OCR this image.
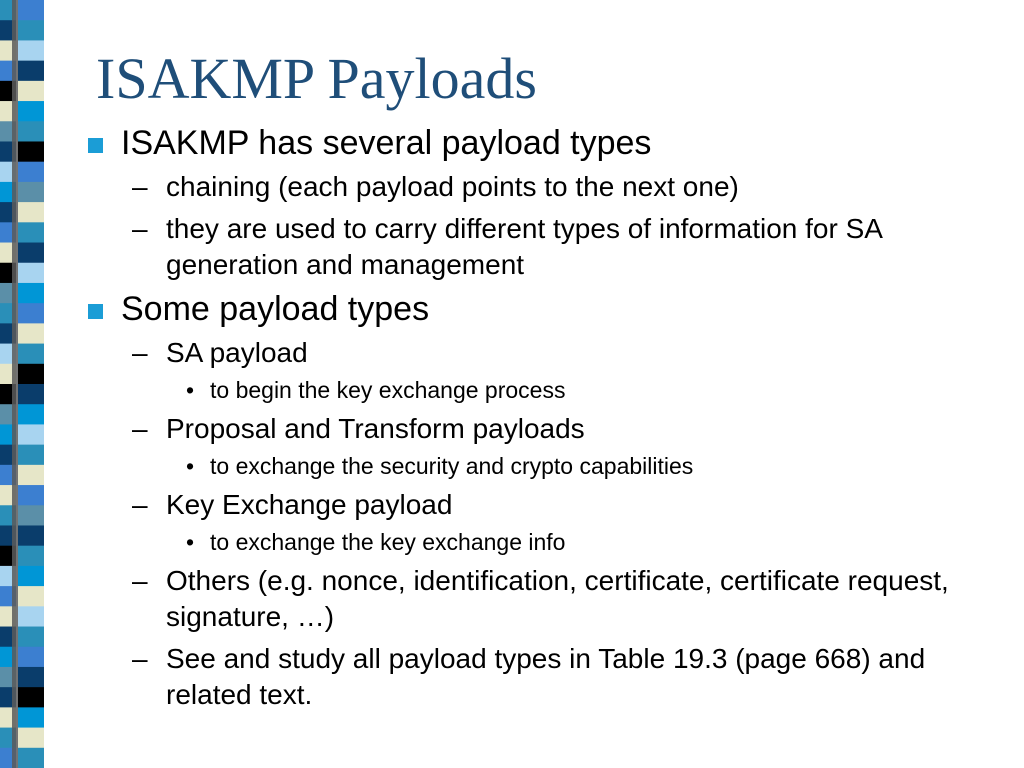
ISAKMP Payloads
ISAKMP has several payload types
– chaining (each payload points to the next one)
– they are used to carry different types of information for SA generation and management
Some payload types
– SA payload
• to begin the key exchange process
– Proposal and Transform payloads
• to exchange the security and crypto capabilities
– Key Exchange payload
• to exchange the key exchange info
– Others (e.g. nonce, identification, certificate, certificate request, signature, …)
– See and study all payload types in Table 19.3 (page 668) and related text.
